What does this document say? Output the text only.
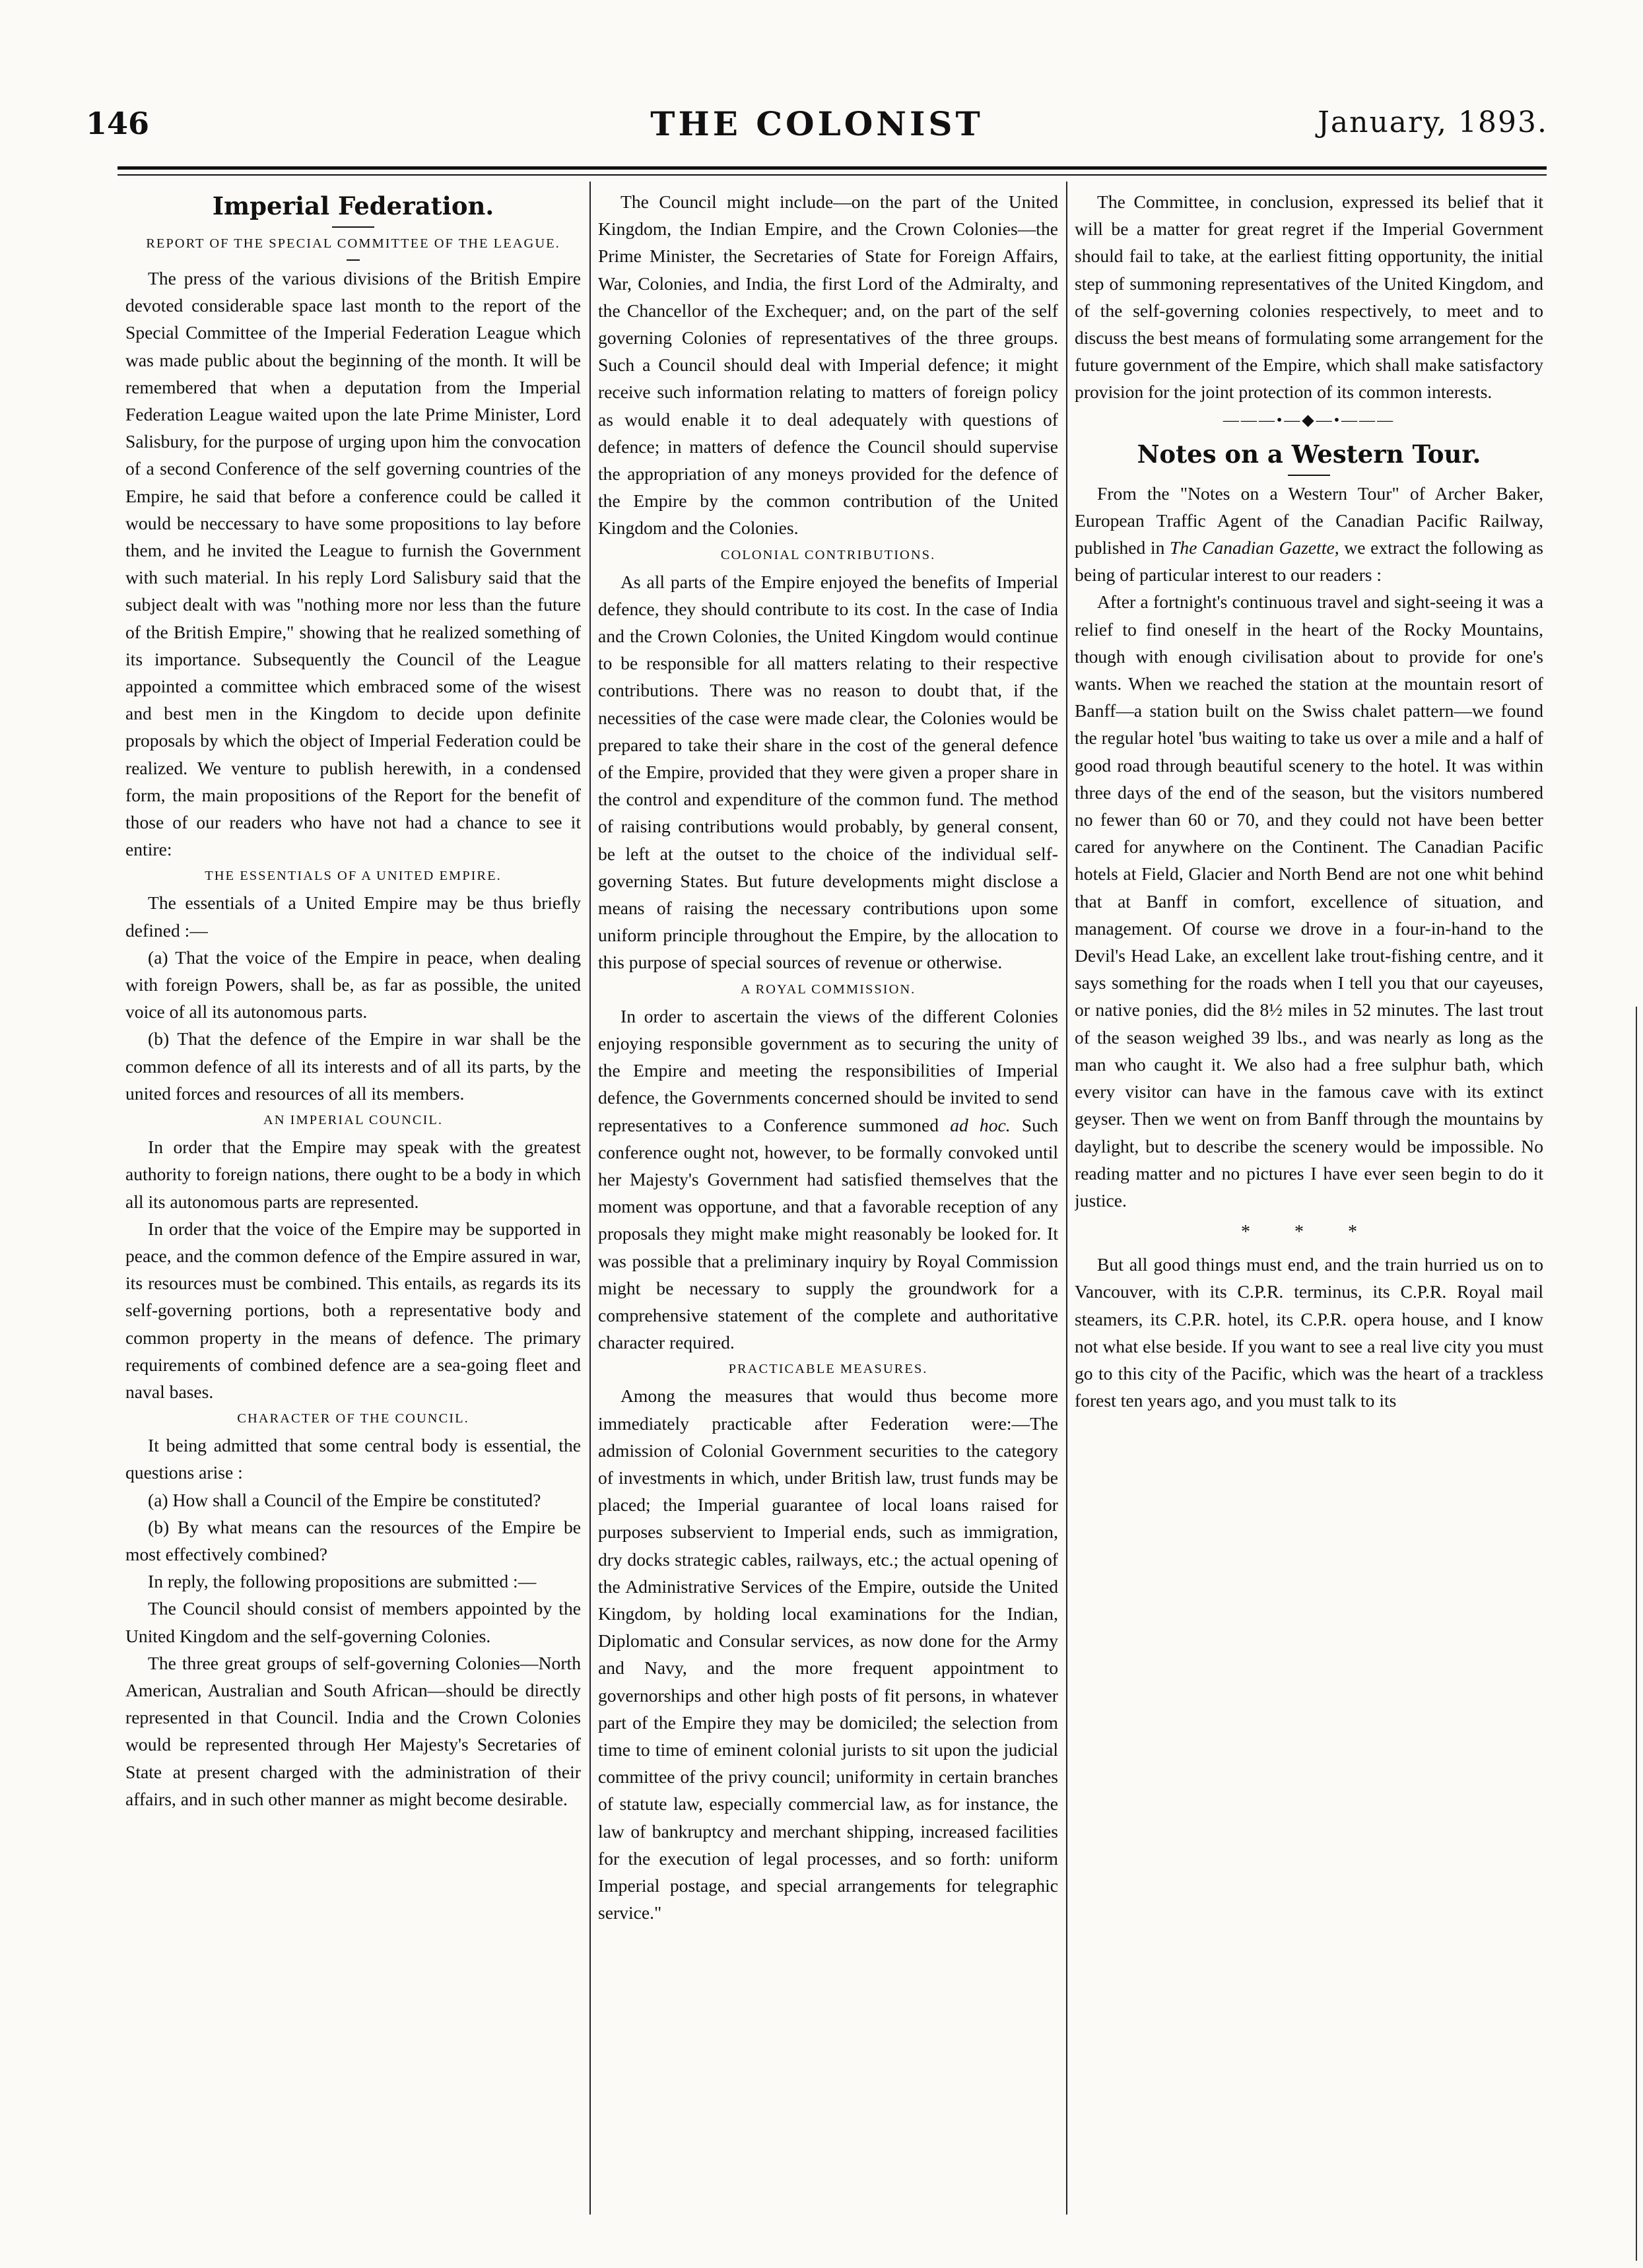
146	THE COLONIST	January, 1893.
Imperial Federation.
REPORT OF THE SPECIAL COMMITTEE OF THE LEAGUE.

The press of the various divisions of the British Empire devoted considerable space last month to the report of the Special Committee of the Imperial Federation League which was made public about the beginning of the month. It will be remembered that when a deputation from the Imperial Federation League waited upon the late Prime Minister, Lord Salisbury, for the purpose of urging upon him the convocation of a second Conference of the self governing countries of the Empire, he said that before a conference could be called it would be neccessary to have some propositions to lay before them, and he invited the League to furnish the Government with such material. In his reply Lord Salisbury said that the subject dealt with was "nothing more nor less than the future of the British Empire," showing that he realized something of its importance. Subsequently the Council of the League appointed a committee which embraced some of the wisest and best men in the Kingdom to decide upon definite proposals by which the object of Imperial Federation could be realized. We venture to publish herewith, in a condensed form, the main propositions of the Report for the benefit of those of our readers who have not had a chance to see it entire:

THE ESSENTIALS OF A UNITED EMPIRE.

The essentials of a United Empire may be thus briefly defined :—

(a) That the voice of the Empire in peace, when dealing with foreign Powers, shall be, as far as possible, the united voice of all its autonomous parts.

(b) That the defence of the Empire in war shall be the common defence of all its interests and of all its parts, by the united forces and resources of all its members.

AN IMPERIAL COUNCIL.

In order that the Empire may speak with the greatest authority to foreign nations, there ought to be a body in which all its autonomous parts are represented.

In order that the voice of the Empire may be supported in peace, and the common defence of the Empire assured in war, its resources must be combined. This entails, as regards its its self-governing portions, both a representative body and common property in the means of defence. The primary requirements of combined defence are a sea-going fleet and naval bases.

CHARACTER OF THE COUNCIL.

It being admitted that some central body is essential, the questions arise :

(a) How shall a Council of the Empire be constituted?

(b) By what means can the resources of the Empire be most effectively combined?

In reply, the following propositions are submitted :—

The Council should consist of members appointed by the United Kingdom and the self-governing Colonies.

The three great groups of self-governing Colonies—North American, Australian and South African—should be directly represented in that Council. India and the Crown Colonies would be represented through Her Majesty's Secretaries of State at present charged with the administration of their affairs, and in such other manner as might become desirable.

The Council might include—on the part of the United Kingdom, the Indian Empire, and the Crown Colonies—the Prime Minister, the Secretaries of State for Foreign Affairs, War, Colonies, and India, the first Lord of the Admiralty, and the Chancellor of the Exchequer; and, on the part of the self governing Colonies of representatives of the three groups. Such a Council should deal with Imperial defence; it might receive such information relating to matters of foreign policy as would enable it to deal adequately with questions of defence; in matters of defence the Council should supervise the appropriation of any moneys provided for the defence of the Empire by the common contribution of the United Kingdom and the Colonies.

COLONIAL CONTRIBUTIONS.

As all parts of the Empire enjoyed the benefits of Imperial defence, they should contribute to its cost. In the case of India and the Crown Colonies, the United Kingdom would continue to be responsible for all matters relating to their respective contributions. There was no reason to doubt that, if the necessities of the case were made clear, the Colonies would be prepared to take their share in the cost of the general defence of the Empire, provided that they were given a proper share in the control and expenditure of the common fund. The method of raising contributions would probably, by general consent, be left at the outset to the choice of the individual self-governing States. But future developments might disclose a means of raising the necessary contributions upon some uniform principle throughout the Empire, by the allocation to this purpose of special sources of revenue or otherwise.

A ROYAL COMMISSION.

In order to ascertain the views of the different Colonies enjoying responsible government as to securing the unity of the Empire and meeting the responsibilities of Imperial defence, the Governments concerned should be invited to send representatives to a Conference summoned ad hoc. Such conference ought not, however, to be formally convoked until her Majesty's Government had satisfied themselves that the moment was opportune, and that a favorable reception of any proposals they might make might reasonably be looked for. It was possible that a preliminary inquiry by Royal Commission might be necessary to supply the groundwork for a comprehensive statement of the complete and authoritative character required.

PRACTICABLE MEASURES.

Among the measures that would thus become more immediately practicable after Federation were:—The admission of Colonial Government securities to the category of investments in which, under British law, trust funds may be placed; the Imperial guarantee of local loans raised for purposes subservient to Imperial ends, such as immigration, dry docks strategic cables, railways, etc.; the actual opening of the Administrative Services of the Empire, outside the United Kingdom, by holding local examinations for the Indian, Diplomatic and Consular services, as now done for the Army and Navy, and the more frequent appointment to governorships and other high posts of fit persons, in whatever part of the Empire they may be domiciled; the selection from time to time of eminent colonial jurists to sit upon the judicial committee of the privy council; uniformity in certain branches of statute law, especially commercial law, as for instance, the law of bankruptcy and merchant shipping, increased facilities for the execution of legal processes, and so forth: uniform Imperial postage, and special arrangements for telegraphic service."

The Committee, in conclusion, expressed its belief that it will be a matter for great regret if the Imperial Government should fail to take, at the earliest fitting opportunity, the initial step of summoning representatives of the United Kingdom, and of the self-governing colonies respectively, to meet and to discuss the best means of formulating some arrangement for the future government of the Empire, which shall make satisfactory provision for the joint protection of its common interests.

———•—◆—•———
Notes on a Western Tour.

From the "Notes on a Western Tour" of Archer Baker, European Traffic Agent of the Canadian Pacific Railway, published in The Canadian Gazette, we extract the following as being of particular interest to our readers :

After a fortnight's continuous travel and sight-seeing it was a relief to find oneself in the heart of the Rocky Mountains, though with enough civilisation about to provide for one's wants. When we reached the station at the mountain resort of Banff—a station built on the Swiss chalet pattern—we found the regular hotel 'bus waiting to take us over a mile and a half of good road through beautiful scenery to the hotel. It was within three days of the end of the season, but the visitors numbered no fewer than 60 or 70, and they could not have been better cared for anywhere on the Continent. The Canadian Pacific hotels at Field, Glacier and North Bend are not one whit behind that at Banff in comfort, excellence of situation, and management. Of course we drove in a four-in-hand to the Devil's Head Lake, an excellent lake trout-fishing centre, and it says something for the roads when I tell you that our cayeuses, or native ponies, did the 8½ miles in 52 minutes. The last trout of the season weighed 39 lbs., and was nearly as long as the man who caught it. We also had a free sulphur bath, which every visitor can have in the famous cave with its extinct geyser. Then we went on from Banff through the mountains by daylight, but to describe the scenery would be impossible. No reading matter and no pictures I have ever seen begin to do it justice.

* * *

But all good things must end, and the train hurried us on to Vancouver, with its C.P.R. terminus, its C.P.R. Royal mail steamers, its C.P.R. hotel, its C.P.R. opera house, and I know not what else beside. If you want to see a real live city you must go to this city of the Pacific, which was the heart of a trackless forest ten years ago, and you must talk to its
